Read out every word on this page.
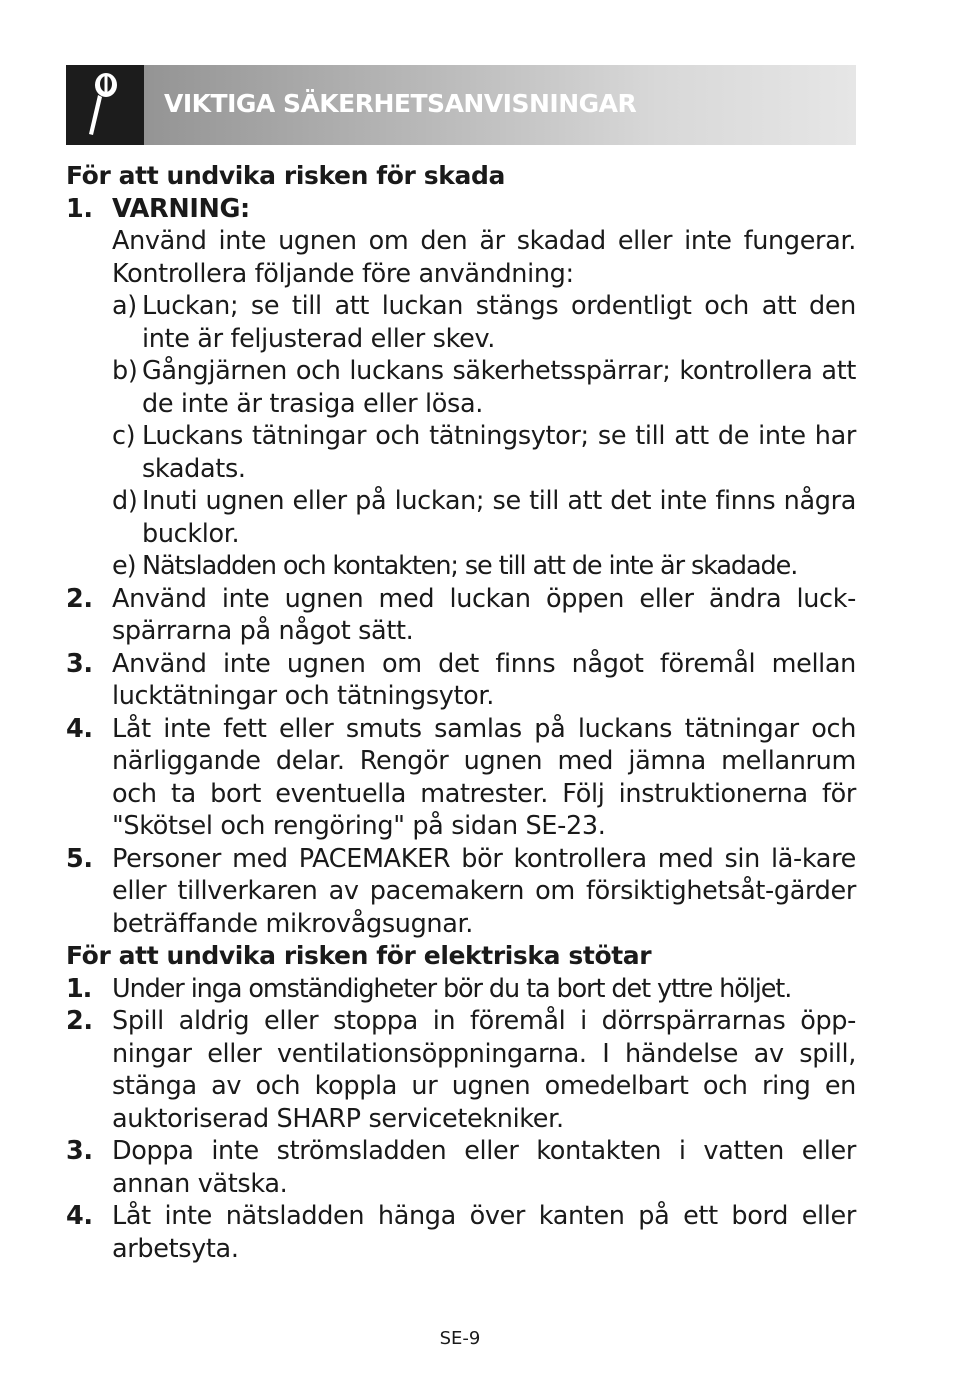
VIKTIGA SÄKERHETSANVISNINGAR
För att undvika risken för skada
1. VARNING:
Använd inte ugnen om den är skadad eller inte fungerar. Kontrollera följande före användning:
a) Luckan; se till att luckan stängs ordentligt och att den inte är feljusterad eller skev.
b) Gångjärnen och luckans säkerhetsspärrar; kontrollera att de inte är trasiga eller lösa.
c) Luckans tätningar och tätningsytor; se till att de inte har skadats.
d) Inuti ugnen eller på luckan; se till att det inte finns några bucklor.
e) Nätsladden och kontakten; se till att de inte är skadade.
2. Använd inte ugnen med luckan öppen eller ändra luck-spärrarna på något sätt.
3. Använd inte ugnen om det finns något föremål mellan lucktätningar och tätningsytor.
4. Låt inte fett eller smuts samlas på luckans tätningar och närliggande delar. Rengör ugnen med jämna mellanrum och ta bort eventuella matrester. Följ instruktionerna för "Skötsel och rengöring" på sidan SE-23.
5. Personer med PACEMAKER bör kontrollera med sin lä-kare eller tillverkaren av pacemakern om försiktighetsåt-gärder beträffande mikrovågsugnar.
För att undvika risken för elektriska stötar
1. Under inga omständigheter bör du ta bort det yttre höljet.
2. Spill aldrig eller stoppa in föremål i dörrspärrarnas öpp-ningar eller ventilationsöppningarna. I händelse av spill, stänga av och koppla ur ugnen omedelbart och ring en auktoriserad SHARP servicetekniker.
3. Doppa inte strömsladden eller kontakten i vatten eller annan vätska.
4. Låt inte nätsladden hänga över kanten på ett bord eller arbetsyta.
SE-9
